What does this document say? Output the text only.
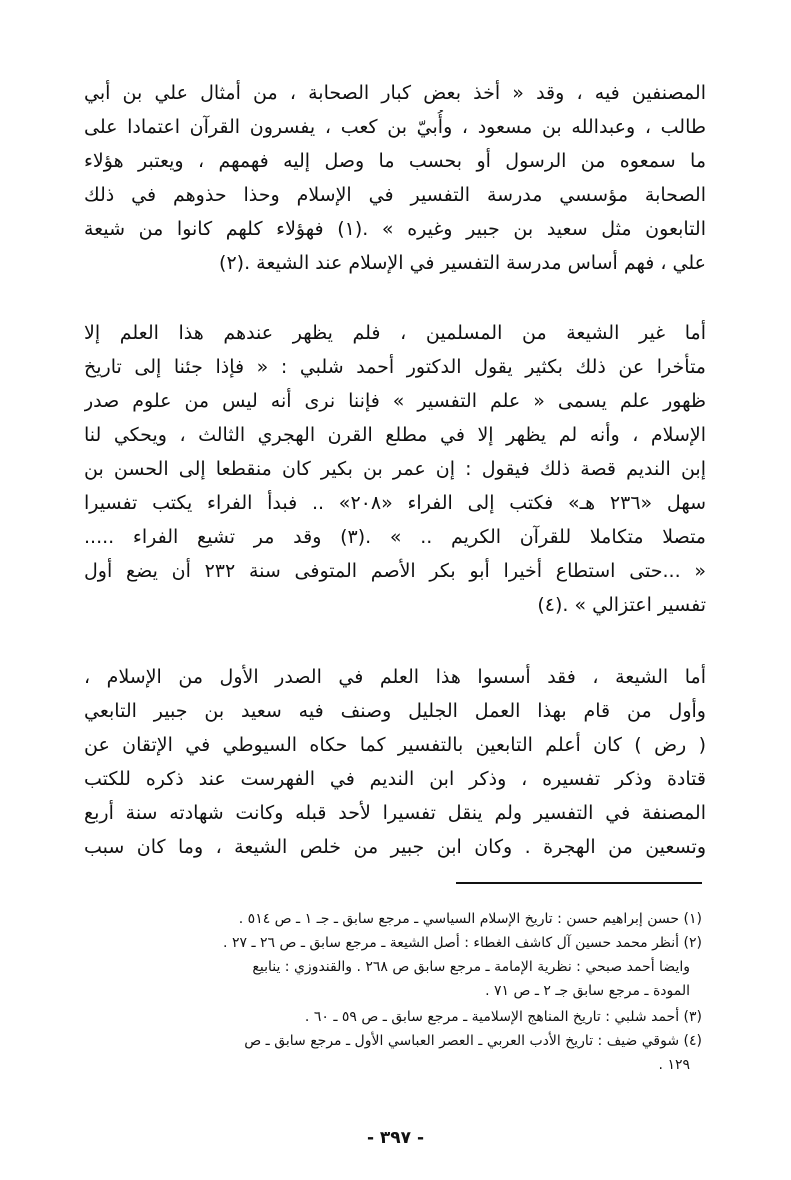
المصنفين فيه ، وقد « أخذ بعض كبار الصحابة ، من أمثال علي بن أبي
طالب ، وعبدالله بن مسعود ، وأُبيّ بن كعب ، يفسرون القرآن اعتمادا على
ما سمعوه من الرسول أو بحسب ما وصل إليه فهمهم ، ويعتبر هؤلاء
الصحابة مؤسسي مدرسة التفسير في الإسلام وحذا حذوهم في ذلك
التابعون مثل سعيد بن جبير وغيره » .(١) فهؤلاء كلهم كانوا من شيعة
علي ، فهم أساس مدرسة التفسير في الإسلام عند الشيعة .(٢)
أما غير الشيعة من المسلمين ، فلم يظهر عندهم هذا العلم إلا
متأخرا عن ذلك بكثير يقول الدكتور أحمد شلبي : « فإذا جئنا إلى تاريخ
ظهور علم يسمى « علم التفسير » فإننا نرى أنه ليس من علوم صدر
الإسلام ، وأنه لم يظهر إلا في مطلع القرن الهجري الثالث ، ويحكي لنا
إبن النديم قصة ذلك فيقول : إن عمر بن بكير كان منقطعا إلى الحسن بن
سهل «٢٣٦ هـ» فكتب إلى الفراء «٢٠٨» .. فبدأ الفراء يكتب تفسيرا
متصلا متكاملا للقرآن الكريم .. » .(٣) وقد مر تشيع الفراء .....
« ...حتى استطاع أخيرا أبو بكر الأصم المتوفى سنة ٢٣٢ أن يضع أول
تفسير اعتزالي » .(٤)
أما الشيعة ، فقد أسسوا هذا العلم في الصدر الأول من الإسلام ،
وأول من قام بهذا العمل الجليل وصنف فيه سعيد بن جبير التابعي
( رض ) كان أعلم التابعين بالتفسير كما حكاه السيوطي في الإتقان عن
قتادة وذكر تفسيره ، وذكر ابن النديم في الفهرست عند ذكره للكتب
المصنفة في التفسير ولم ينقل تفسيرا لأحد قبله وكانت شهادته سنة أربع
وتسعين من الهجرة . وكان ابن جبير من خلص الشيعة ، وما كان سبب
(١) حسن إبراهيم حسن : تاريخ الإسلام السياسي ـ مرجع سابق ـ جـ ١ ـ ص ٥١٤ .
(٢) أنظر محمد حسين آل كاشف الغطاء : أصل الشيعة ـ مرجع سابق ـ ص ٢٦ ـ ٢٧ .
وايضا أحمد صبحي : نظرية الإمامة ـ مرجع سابق ص ٢٦٨ . والقندوزي : ينابيع
المودة ـ مرجع سابق جـ ٢ ـ ص ٧١ .
(٣) أحمد شلبي : تاريخ المناهج الإسلامية ـ مرجع سابق ـ ص ٥٩ ـ ٦٠ .
(٤) شوقي ضيف : تاريخ الأدب العربي ـ العصر العباسي الأول ـ مرجع سابق ـ ص
١٢٩ .
- ٣٩٧ -
